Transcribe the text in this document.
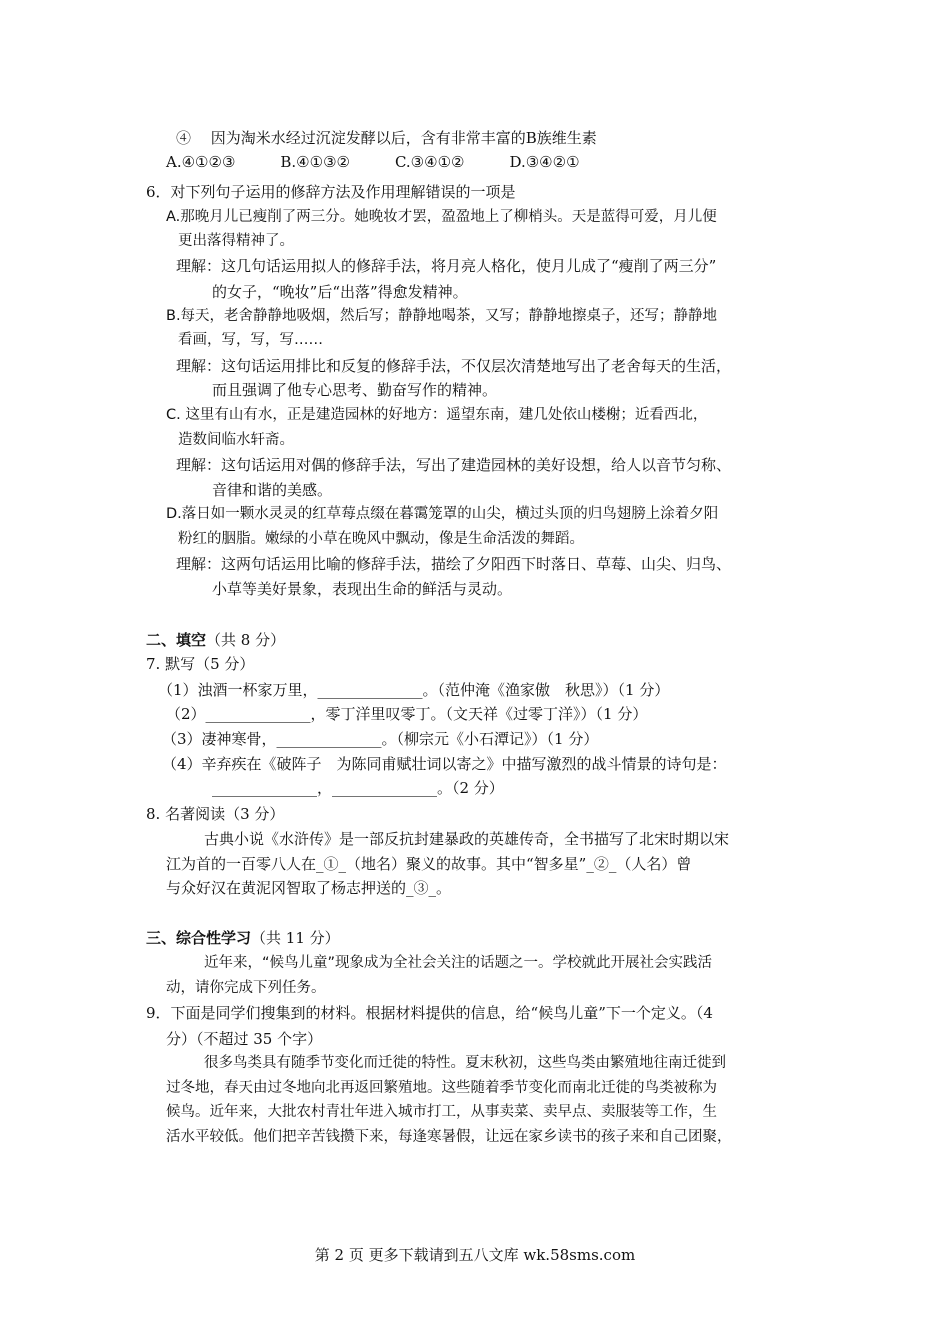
④　 因为淘米水经过沉淀发酵以后，含有非常丰富的B族维生素
A.④①②③　　　B.④①③②　　　C.③④①②　　　D.③④②①
6．对下列句子运用的修辞方法及作用理解错误的一项是
A.那晚月儿已瘦削了两三分。她晚妆才罢，盈盈地上了柳梢头。天是蓝得可爱，月儿便
更出落得精神了。
理解：这几句话运用拟人的修辞手法，将月亮人格化，使月儿成了“瘦削了两三分”
的女子，“晚妆”后“出落”得愈发精神。
B.每天，老舍静静地吸烟，然后写；静静地喝茶，又写；静静地擦桌子，还写；静静地
看画，写，写，写……
理解：这句话运用排比和反复的修辞手法，不仅层次清楚地写出了老舍每天的生活，
而且强调了他专心思考、勤奋写作的精神。
C. 这里有山有水，正是建造园林的好地方：遥望东南，建几处依山楼榭；近看西北，
造数间临水轩斋。
理解：这句话运用对偶的修辞手法，写出了建造园林的美好设想，给人以音节匀称、
音律和谐的美感。
D.落日如一颗水灵灵的红草莓点缀在暮霭笼罩的山尖，横过头顶的归鸟翅膀上涂着夕阳
粉红的胭脂。嫩绿的小草在晚风中飘动，像是生命活泼的舞蹈。
理解：这两句话运用比喻的修辞手法，描绘了夕阳西下时落日、草莓、山尖、归鸟、
小草等美好景象，表现出生命的鲜活与灵动。
二、填空（共 8 分）
7. 默写（5 分）
（1）浊酒一杯家万里，______________。（范仲淹《渔家傲　秋思》）（1 分）
（2）______________，零丁洋里叹零丁。（文天祥《过零丁洋》）（1 分）
（3）凄神寒骨，______________。（柳宗元《小石潭记》）（1 分）
（4）辛弃疾在《破阵子　为陈同甫赋壮词以寄之》中描写激烈的战斗情景的诗句是：
______________，______________。（2 分）
8. 名著阅读（3 分）
古典小说《水浒传》是一部反抗封建暴政的英雄传奇，全书描写了北宋时期以宋
江为首的一百零八人在_①_（地名）聚义的故事。其中“智多星”_②_（人名）曾
与众好汉在黄泥冈智取了杨志押送的_③_。
三、综合性学习（共 11 分）
近年来，“候鸟儿童”现象成为全社会关注的话题之一。学校就此开展社会实践活
动，请你完成下列任务。
9．下面是同学们搜集到的材料。根据材料提供的信息，给“候鸟儿童”下一个定义。（4
分）（不超过 35 个字）
很多鸟类具有随季节变化而迁徙的特性。夏末秋初，这些鸟类由繁殖地往南迁徙到
过冬地，春天由过冬地向北再返回繁殖地。这些随着季节变化而南北迁徙的鸟类被称为
候鸟。近年来，大批农村青壮年进入城市打工，从事卖菜、卖早点、卖服装等工作，生
活水平较低。他们把辛苦钱攒下来，每逢寒暑假，让远在家乡读书的孩子来和自己团聚，
第 2 页 更多下载请到五八文库 wk.58sms.com
